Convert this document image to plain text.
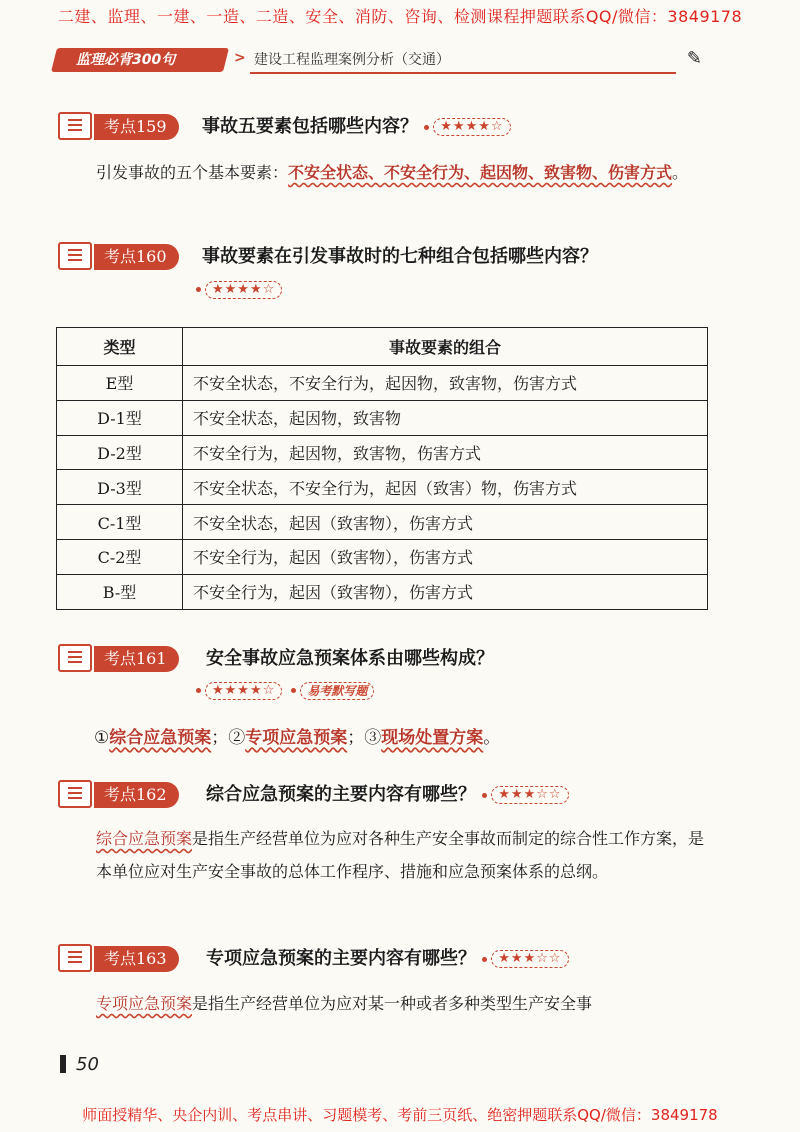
二建、监理、一建、一造、二造、安全、消防、咨询、检测课程押题联系QQ/微信：3849178
监理必背300句	> 建设工程监理案例分析（交通）	✎
考点159	事故五要素包括哪些内容？ ★★★★☆
引发事故的五个基本要素：不安全状态、不安全行为、起因物、致害物、伤害方式。
考点160	事故要素在引发事故时的七种组合包括哪些内容？
★★★★☆
类型	事故要素的组合
E型	不安全状态，不安全行为，起因物，致害物，伤害方式
D-1型	不安全状态，起因物，致害物
D-2型	不安全行为，起因物，致害物，伤害方式
D-3型	不安全状态，不安全行为，起因（致害）物，伤害方式
C-1型	不安全状态，起因（致害物），伤害方式
C-2型	不安全行为，起因（致害物），伤害方式
B-型	不安全行为，起因（致害物），伤害方式
考点161	安全事故应急预案体系由哪些构成？
★★★★☆	易考默写题
①综合应急预案；②专项应急预案；③现场处置方案。
考点162	综合应急预案的主要内容有哪些？ ★★★☆☆
综合应急预案是指生产经营单位为应对各种生产安全事故而制定的综合性工作方案，是本单位应对生产安全事故的总体工作程序、措施和应急预案体系的总纲。
考点163	专项应急预案的主要内容有哪些？ ★★★☆☆
专项应急预案是指生产经营单位为应对某一种或者多种类型生产安全事
50
师面授精华、央企内训、考点串讲、习题模考、考前三页纸、绝密押题联系QQ/微信：3849178
